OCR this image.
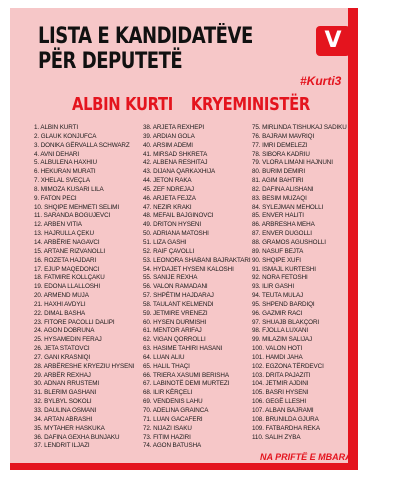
LISTA E KANDIDATËVE
PËR DEPUTETË
V
#Kurti3
ALBIN KURTI KRYEMINISTËR
1. ALBIN KURTI
2. GLAUK KONJUFCA
3. DONIKA GËRVALLA SCHWARZ
4. AVNI DEHARI
5. ALBULENA HAXHIU
6. HEKURAN MURATI
7. XHELAL SVEÇLA
8. MIMOZA KUSARI LILA
9. FATON PECI
10. SHQIPE MEHMETI SELIMI
11. SARANDA BOGUJEVCI
12. ARBEN VITIA
13. HAJRULLA ÇEKU
14. ARBËRIE NAGAVCI
15. ARTANE RIZVANOLLI
16. ROZETA HAJDARI
17. EJUP MAQEDONCI
18. FATMIRE KOLLÇAKU
19. EDONA LLALLOSHI
20. ARMEND MUJA
21. HAXHI AVDYLI
22. DIMAL BASHA
23. FITORE PACOLLI DALIPI
24. AGON DOBRUNA
25. HYSAMEDIN FERAJ
26. JETA STATOVCI
27. GANI KRASNIQI
28. ARBËRESHE KRYEZIU HYSENI
29. ARBËR REXHAJ
30. ADNAN RRUSTEMI
31. BLERIM GASHANI
32. BYLBYL SOKOLI
33. DAULINA OSMANI
34. ARTAN ABRASHI
35. MYTAHER HASKUKA
36. DAFINA GEXHA BUNJAKU
37. LENDRIT ILJAZI
38. ARJETA REXHEPI
39. ARDIAN GOLA
40. ARSIM ADEMI
41. MIRSAD SHKRETA
42. ALBENA RESHITAJ
43. DIJANA QARKAXHIJA
44. JETON RAKA
45. ZEF NDREJAJ
46. ARJETA FEJZA
47. NEZIR KRAKI
48. MEFAIL BAJGINOVCI
49. DRITON HYSENI
50. ADRIANA MATOSHI
51. LIZA GASHI
52. RAIF ÇAVOLLI
53. LEONORA SHABANI BAJRAKTARI
54. HYDAJET HYSENI KALOSHI
55. SANIJE REXHA
56. VALON RAMADANI
57. SHPËTIM HAJDARAJ
58. TAULANT KELMENDI
59. JETMIRE VRENEZI
60. HYSEN DURMISHI
61. MENTOR ARIFAJ
62. VIGAN QORROLLI
63. HASIME TAHIRI HASANI
64. LUAN ALIU
65. HALIL THAÇI
66. TRIERA XASUMI BERISHA
67. LABINOTË DEMI MURTEZI
68. ILIR KËRÇELI
69. VENDENIS LAHU
70. ADELINA GRAINCA
71. LUAN GACAFERI
72. NIJAZI ISAKU
73. FITIM HAZIRI
74. AGON BATUSHA
75. MIRLINDA TISHUKAJ SADIKU
76. BAJRAM MAVRIQI
77. IMRI DEMELEZI
78. SIBORA KADRIU
79. VLORA LIMANI HAJNUNI
80. BURIM DEMIRI
81. AGIM BAHTIRI
82. DAFINA ALISHANI
83. BESIM MUZAQI
84. SYLEJMAN MEHOLLI
85. ENVER HALITI
86. ARBRESHA MEHA
87. ENVER DUGOLLI
88. GRAMOS AGUSHOLLI
89. NASUF BEJTA
90. SHQIPE XUFI
91. ISMAJL KURTESHI
92. NORA FETOSHI
93. ILIR GASHI
94. TEUTA MULAJ
95. SHPEND BARDIQI
96. GAZMIR RACI
97. SHUAJB BLAKÇORI
98. FJOLLA LUXANI
99. MILAZIM SALIJAJ
100. VALON HOTI
101. HAMDI JAHA
102. EGZONA TËRDEVCI
103. DRITA PAJAZITI
104. JETMIR AJDINI
105. BASRI HYSENI
106. GEGË LLESHI
107. ALBAN BAJRAMI
108. BRUNILDA GJURA
109. FATBARDHA REKA
110. SALIH ZYBA
NA PRIFTË E MBARA!
